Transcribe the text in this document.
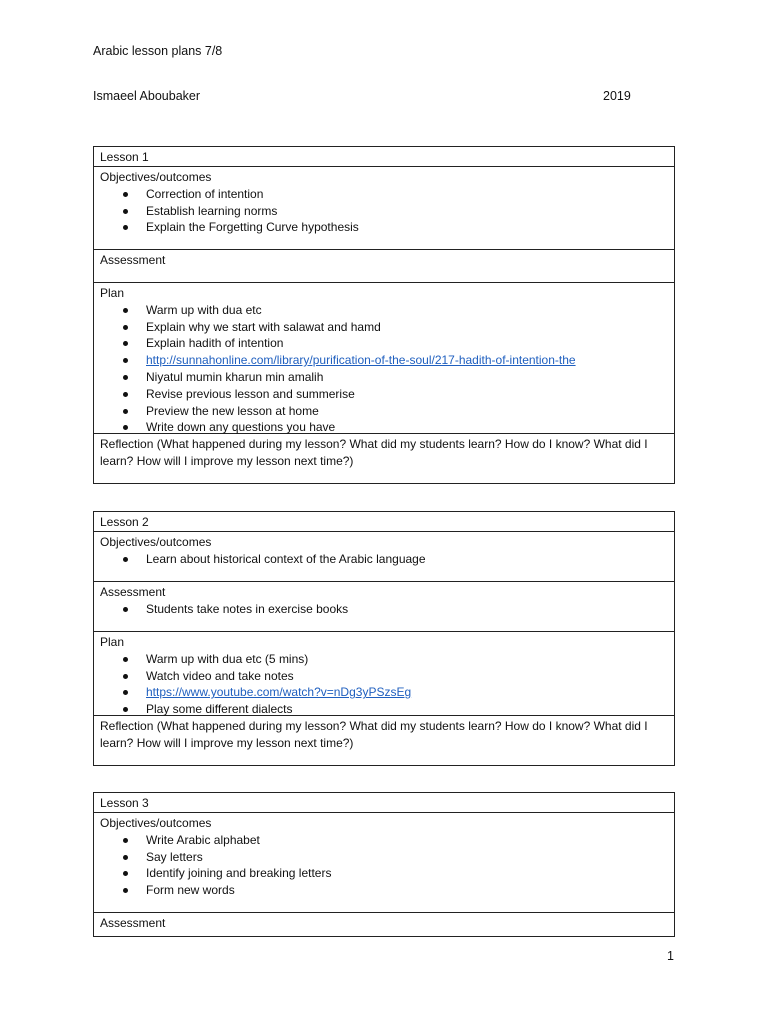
Arabic lesson plans 7/8
Ismaeel Aboubaker	2019
Lesson 1
Objectives/outcomes
Correction of intention
Establish learning norms
Explain the Forgetting Curve hypothesis
Assessment
Plan
Warm up with dua etc
Explain why we start with salawat and hamd
Explain hadith of intention
http://sunnahonline.com/library/purification-of-the-soul/217-hadith-of-intention-the
Niyatul mumin kharun min amalih
Revise previous lesson and summerise
Preview the new lesson at home
Write down any questions you have
Reflection (What happened during my lesson? What did my students learn? How do I know? What did I learn? How will I improve my lesson next time?)
Lesson 2
Objectives/outcomes
Learn about historical context of the Arabic language
Assessment
Students take notes in exercise books
Plan
Warm up with dua etc (5 mins)
Watch video and take notes
https://www.youtube.com/watch?v=nDg3yPSzsEg
Play some different dialects
Reflection (What happened during my lesson? What did my students learn? How do I know? What did I learn? How will I improve my lesson next time?)
Lesson 3
Objectives/outcomes
Write Arabic alphabet
Say letters
Identify joining and breaking letters
Form new words
Assessment
1
